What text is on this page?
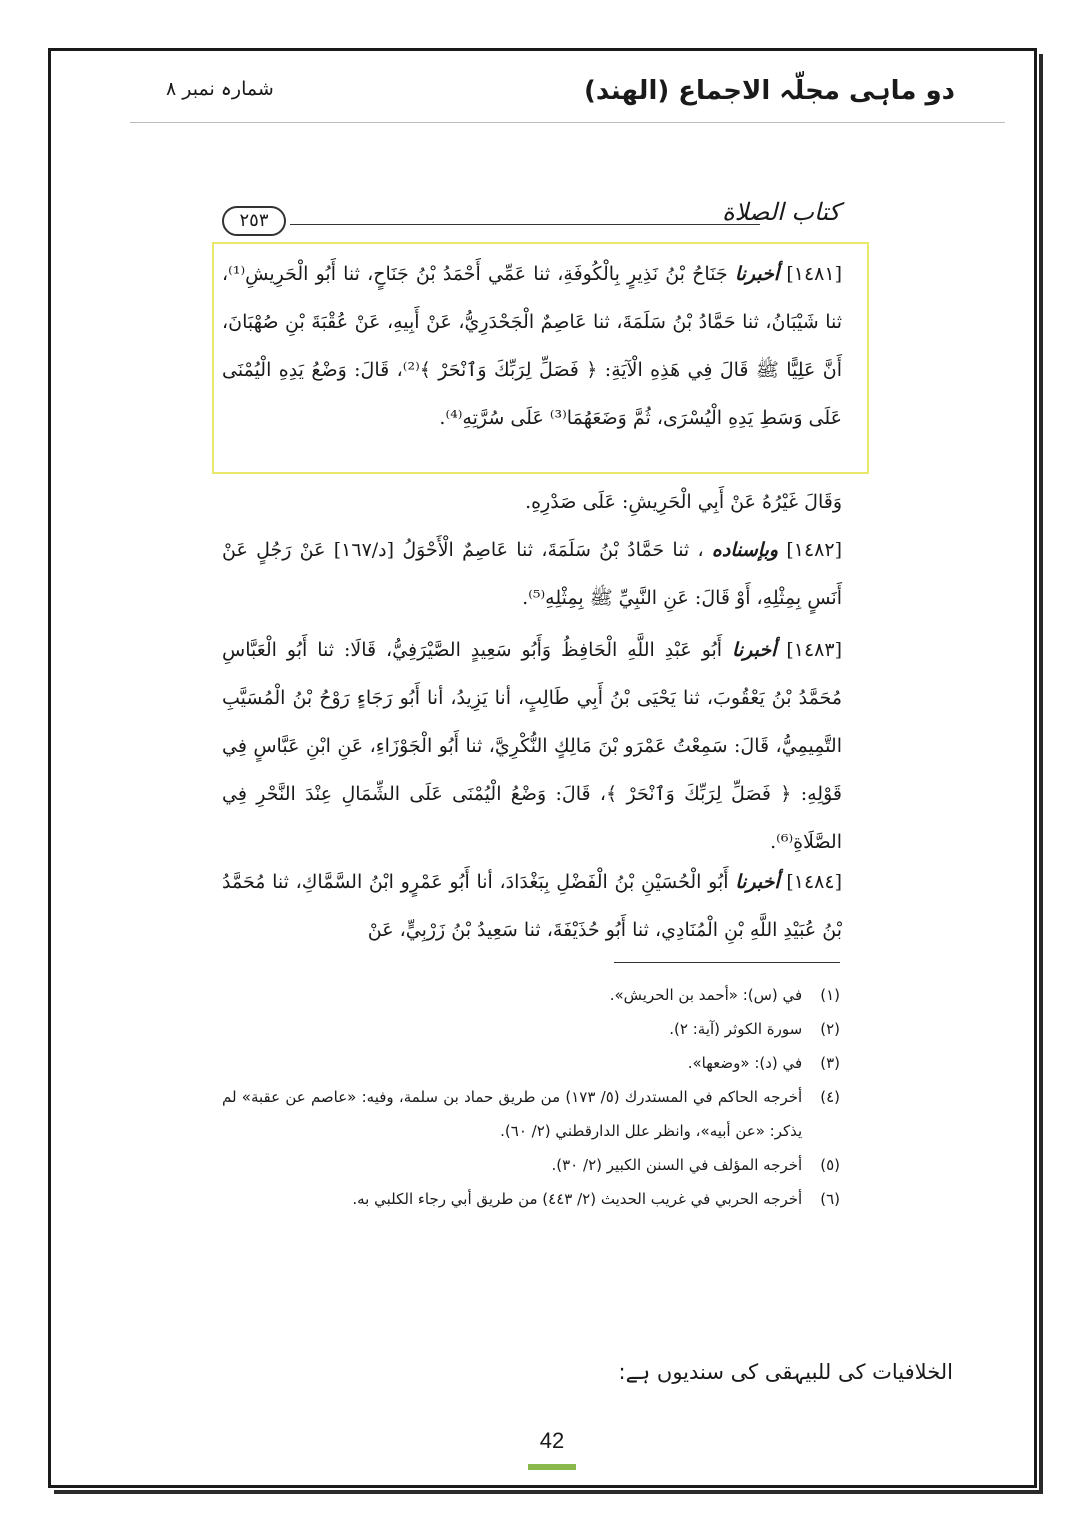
دو ماہی مجلّہ الاجماع (الھند)
شمارہ نمبر ۸
كتاب الصلاة
٢٥٣

[١٤٨١] أخبرنا جَنَاحُ بْنُ نَذِيرٍ بِالْكُوفَةِ، ثنا عَمِّي أَحْمَدُ بْنُ جَنَاحٍ، ثنا أَبُو الْحَرِيشِ⁽¹⁾، ثنا شَيْبَانُ، ثنا حَمَّادُ بْنُ سَلَمَةَ، ثنا عَاصِمٌ الْجَحْدَرِيُّ، عَنْ أَبِيهِ، عَنْ عُقْبَةَ بْنِ صُهْبَانَ، أَنَّ عَلِيًّا ﷺ قَالَ فِي هَذِهِ الْآيَةِ: ﴿ فَصَلِّ لِرَبِّكَ وَٱنْحَرْ ﴾⁽²⁾، قَالَ: وَضْعُ يَدِهِ الْيُمْنَى عَلَى وَسَطِ يَدِهِ الْيُسْرَى، ثُمَّ وَضَعَهُمَا⁽³⁾ عَلَى سُرَّتِهِ⁽⁴⁾.

وَقَالَ غَيْرُهُ عَنْ أَبِي الْحَرِيشِ: عَلَى صَدْرِهِ.

[١٤٨٢] وبإسناده ، ثنا حَمَّادُ بْنُ سَلَمَةَ، ثنا عَاصِمٌ الْأَحْوَلُ [د/١٦٧] عَنْ رَجُلٍ عَنْ أَنَسٍ بِمِثْلِهِ، أَوْ قَالَ: عَنِ النَّبِيِّ ﷺ بِمِثْلِهِ⁽⁵⁾.

[١٤٨٣] أخبرنا أَبُو عَبْدِ اللَّهِ الْحَافِظُ وَأَبُو سَعِيدٍ الصَّيْرَفِيُّ، قَالَا: ثنا أَبُو الْعَبَّاسِ مُحَمَّدُ بْنُ يَعْقُوبَ، ثنا يَحْيَى بْنُ أَبِي طَالِبٍ، أنا يَزِيدُ، أنا أَبُو رَجَاءٍ رَوْحُ بْنُ الْمُسَيَّبِ التَّمِيمِيُّ، قَالَ: سَمِعْتُ عَمْرَو بْنَ مَالِكٍ النُّكْرِيَّ، ثنا أَبُو الْجَوْزَاءِ، عَنِ ابْنِ عَبَّاسٍ فِي قَوْلِهِ: ﴿ فَصَلِّ لِرَبِّكَ وَٱنْحَرْ ﴾، قَالَ: وَضْعُ الْيُمْنَى عَلَى الشِّمَالِ عِنْدَ النَّحْرِ فِي الصَّلَاةِ⁽⁶⁾.

[١٤٨٤] أخبرنا أَبُو الْحُسَيْنِ بْنُ الْفَضْلِ بِبَغْدَادَ، أنا أَبُو عَمْرٍو ابْنُ السَّمَّاكِ، ثنا مُحَمَّدُ بْنُ عُبَيْدِ اللَّهِ بْنِ الْمُنَادِي، ثنا أَبُو حُذَيْفَةَ، ثنا سَعِيدُ بْنُ زَرْبِيٍّ، عَنْ

(١)
في (س): «أحمد بن الحريش».
(٢)
سورة الكوثر (آية: ٢).
(٣)
في (د): «وضعها».
(٤)
أخرجه الحاكم في المستدرك (٥/ ١٧٣) من طريق حماد بن سلمة، وفيه: «عاصم عن عقبة» لم يذكر: «عن أبيه»، وانظر علل الدارقطني (٢/ ٦٠).
(٥)
أخرجه المؤلف في السنن الكبير (٢/ ٣٠).
(٦)
أخرجه الحربي في غريب الحديث (٢/ ٤٤٣) من طريق أبي رجاء الكلبي به.
الخلافیات کی للبیہقی کی سندیوں ہے:
42
